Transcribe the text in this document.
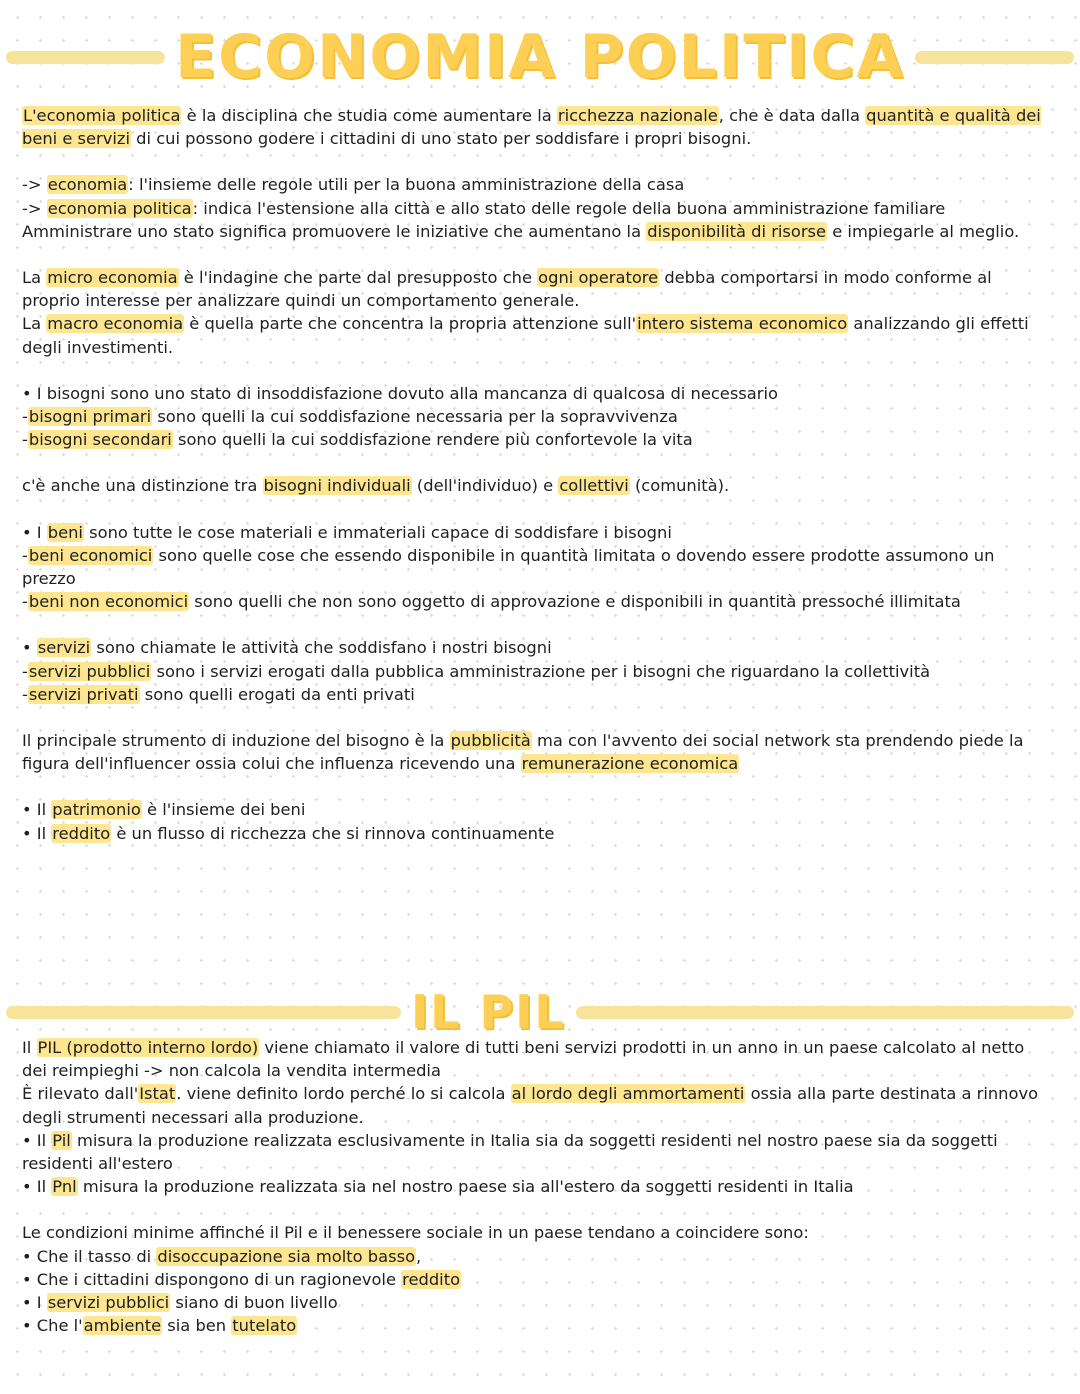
ECONOMIA POLITICA

L'economia politica è la disciplina che studia come aumentare la ricchezza nazionale, che è data dalla quantità e qualità dei beni e servizi di cui possono godere i cittadini di uno stato per soddisfare i propri bisogni.

-> economia: l'insieme delle regole utili per la buona amministrazione della casa

-> economia politica: indica l'estensione alla città e allo stato delle regole della buona amministrazione familiare

Amministrare uno stato significa promuovere le iniziative che aumentano la disponibilità di risorse e impiegarle al meglio.

La micro economia è l'indagine che parte dal presupposto che ogni operatore debba comportarsi in modo conforme al proprio interesse per analizzare quindi un comportamento generale.

La macro economia è quella parte che concentra la propria attenzione sull'intero sistema economico analizzando gli effetti degli investimenti.

• I bisogni sono uno stato di insoddisfazione dovuto alla mancanza di qualcosa di necessario

-bisogni primari sono quelli la cui soddisfazione necessaria per la sopravvivenza

-bisogni secondari sono quelli la cui soddisfazione rendere più confortevole la vita

c'è anche una distinzione tra bisogni individuali (dell'individuo) e collettivi (comunità).

• I beni sono tutte le cose materiali e immateriali capace di soddisfare i bisogni

-beni economici sono quelle cose che essendo disponibile in quantità limitata o dovendo essere prodotte assumono un prezzo

-beni non economici sono quelli che non sono oggetto di approvazione e disponibili in quantità pressoché illimitata

• servizi sono chiamate le attività che soddisfano i nostri bisogni

-servizi pubblici sono i servizi erogati dalla pubblica amministrazione per i bisogni che riguardano la collettività

-servizi privati sono quelli erogati da enti privati

Il principale strumento di induzione del bisogno è la pubblicità ma con l'avvento dei social network sta prendendo piede la figura dell'influencer ossia colui che influenza ricevendo una remunerazione economica

• Il patrimonio è l'insieme dei beni

• Il reddito è un flusso di ricchezza che si rinnova continuamente

IL PIL

Il PIL (prodotto interno lordo) viene chiamato il valore di tutti beni servizi prodotti in un anno in un paese calcolato al netto dei reimpieghi -> non calcola la vendita intermedia

È rilevato dall'Istat. viene definito lordo perché lo si calcola al lordo degli ammortamenti ossia alla parte destinata a rinnovo degli strumenti necessari alla produzione.

• Il Pil misura la produzione realizzata esclusivamente in Italia sia da soggetti residenti nel nostro paese sia da soggetti residenti all'estero

• Il Pnl misura la produzione realizzata sia nel nostro paese sia all'estero da soggetti residenti in Italia

Le condizioni minime affinché il Pil e il benessere sociale in un paese tendano a coincidere sono:

• Che il tasso di disoccupazione sia molto basso,

• Che i cittadini dispongono di un ragionevole reddito

• I servizi pubblici siano di buon livello

• Che l'ambiente sia ben tutelato
